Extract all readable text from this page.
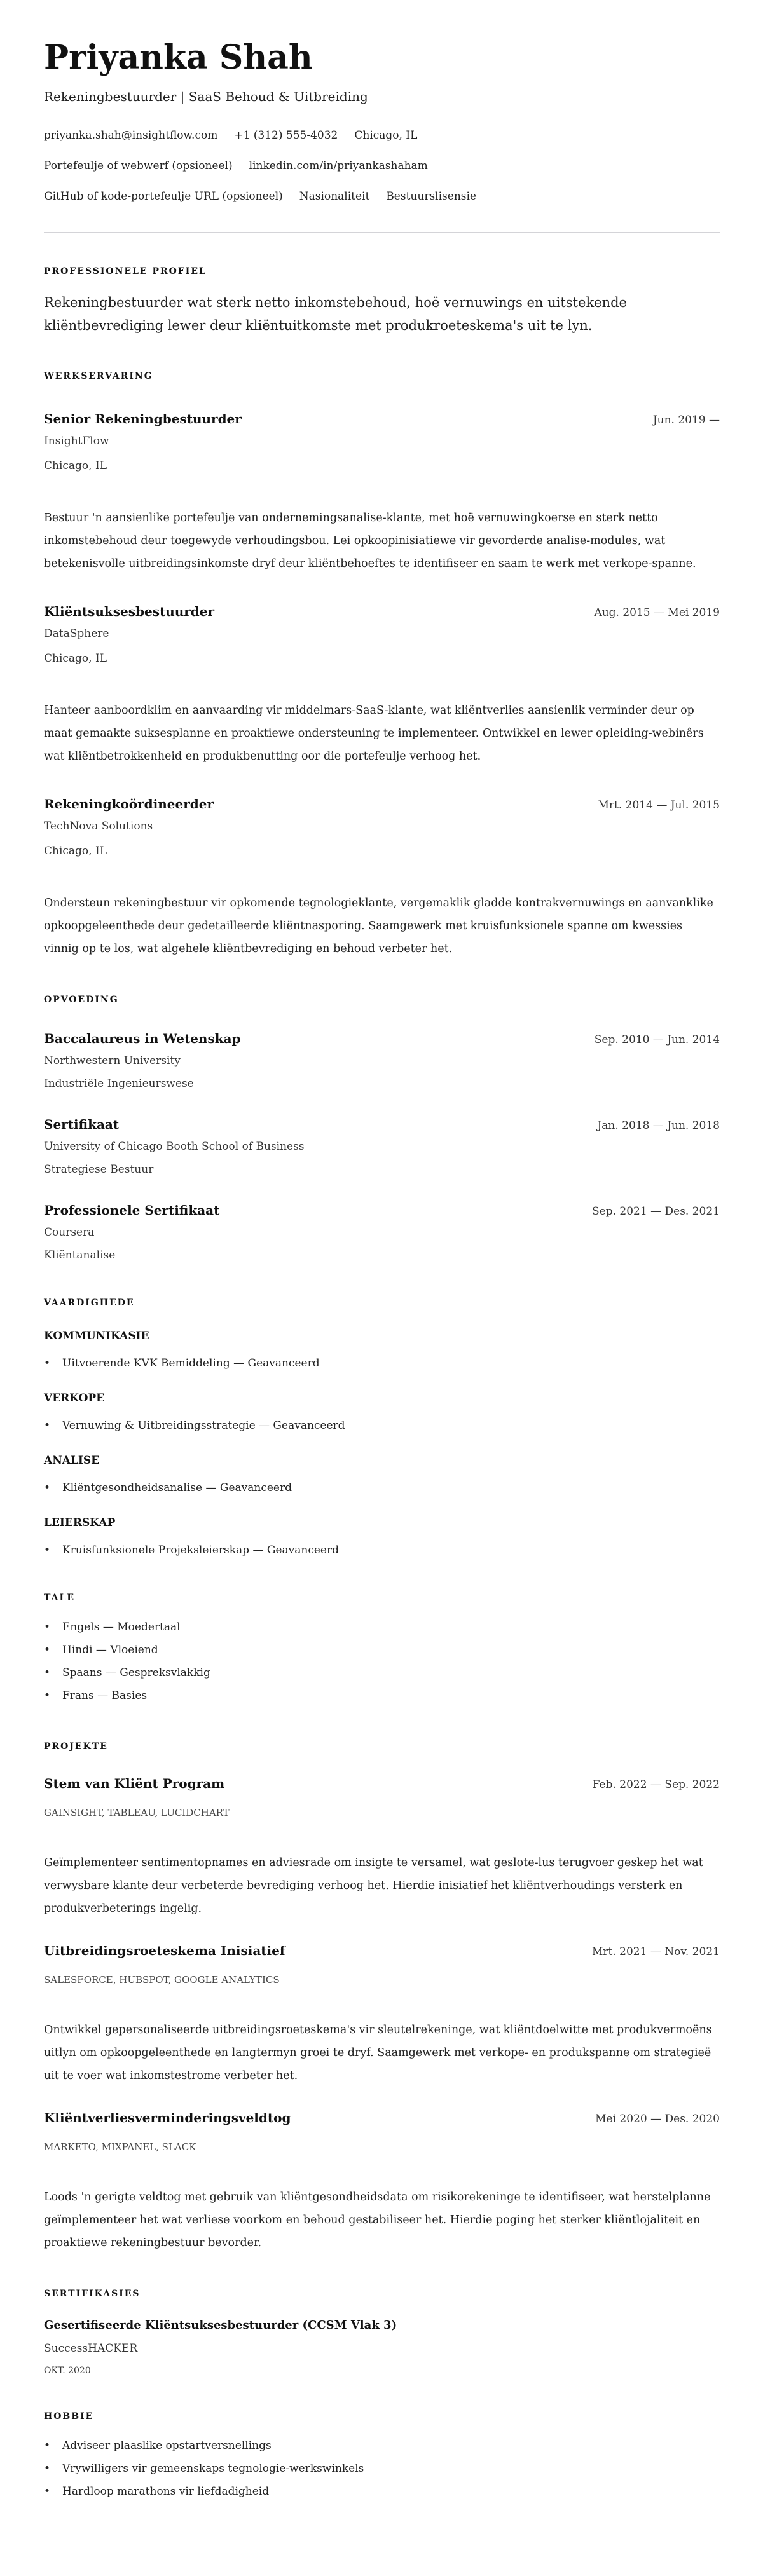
Priyanka Shah
Rekeningbestuurder | SaaS Behoud & Uitbreiding
priyanka.shah@insightflow.com +1 (312) 555-4032 Chicago, IL
Portefeulje of webwerf (opsioneel) linkedin.com/in/priyankashaham
GitHub of kode-portefeulje URL (opsioneel) Nasionaliteit Bestuurslisensie
PROFESSIONELE PROFIEL
Rekeningbestuurder wat sterk netto inkomstebehoud, hoë vernuwings en uitstekende kliëntbevrediging lewer deur kliëntuitkomste met produkroeteskema's uit te lyn.
WERKSERVARING
Senior Rekeningbestuurder	Jun. 2019 —
InsightFlow
Chicago, IL
Bestuur 'n aansienlike portefeulje van ondernemingsanalise-klante, met hoë vernuwingkoerse en sterk netto inkomstebehoud deur toegewyde verhoudingsbou. Lei opkoopinisiatiewe vir gevorderde analise-modules, wat betekenisvolle uitbreidingsinkomste dryf deur kliëntbehoeftes te identifiseer en saam te werk met verkope-spanne.
Kliëntsuksesbestuurder	Aug. 2015 — Mei 2019
DataSphere
Chicago, IL
Hanteer aanboordklim en aanvaarding vir middelmars-SaaS-klante, wat kliëntverlies aansienlik verminder deur op maat gemaakte suksesplanne en proaktiewe ondersteuning te implementeer. Ontwikkel en lewer opleiding-webinêrs wat kliëntbetrokkenheid en produkbenutting oor die portefeulje verhoog het.
Rekeningkoördineerder	Mrt. 2014 — Jul. 2015
TechNova Solutions
Chicago, IL
Ondersteun rekeningbestuur vir opkomende tegnologieklante, vergemaklik gladde kontrakvernuwings en aanvanklike opkoopgeleenthede deur gedetailleerde kliëntnasporing. Saamgewerk met kruisfunksionele spanne om kwessies vinnig op te los, wat algehele kliëntbevrediging en behoud verbeter het.
OPVOEDING
Baccalaureus in Wetenskap	Sep. 2010 — Jun. 2014
Northwestern University
Industriële Ingenieurswese
Sertifikaat	Jan. 2018 — Jun. 2018
University of Chicago Booth School of Business
Strategiese Bestuur
Professionele Sertifikaat	Sep. 2021 — Des. 2021
Coursera
Kliëntanalise
VAARDIGHEDE
KOMMUNIKASIE
• Uitvoerende KVK Bemiddeling — Geavanceerd
VERKOPE
• Vernuwing & Uitbreidingsstrategie — Geavanceerd
ANALISE
• Kliëntgesondheidsanalise — Geavanceerd
LEIERSKAP
• Kruisfunksionele Projeksleierskap — Geavanceerd
TALE
• Engels — Moedertaal
• Hindi — Vloeiend
• Spaans — Gespreksvlakkig
• Frans — Basies
PROJEKTE
Stem van Kliënt Program	Feb. 2022 — Sep. 2022
GAINSIGHT, TABLEAU, LUCIDCHART
Geïmplementeer sentimentopnames en adviesrade om insigte te versamel, wat geslote-lus terugvoer geskep het wat verwysbare klante deur verbeterde bevrediging verhoog het. Hierdie inisiatief het kliëntverhoudings versterk en produkverbeterings ingelig.
Uitbreidingsroeteskema Inisiatief	Mrt. 2021 — Nov. 2021
SALESFORCE, HUBSPOT, GOOGLE ANALYTICS
Ontwikkel gepersonaliseerde uitbreidingsroeteskema's vir sleutelrekeninge, wat kliëntdoelwitte met produkvermoëns uitlyn om opkoopgeleenthede en langtermyn groei te dryf. Saamgewerk met verkope- en produkspanne om strategieë uit te voer wat inkomstestrome verbeter het.
Kliëntverliesverminderingsveldtog	Mei 2020 — Des. 2020
MARKETO, MIXPANEL, SLACK
Loods 'n gerigte veldtog met gebruik van kliëntgesondheidsdata om risikorekeninge te identifiseer, wat herstelplanne geïmplementeer het wat verliese voorkom en behoud gestabiliseer het. Hierdie poging het sterker kliëntlojaliteit en proaktiewe rekeningbestuur bevorder.
SERTIFIKASIES
Gesertifiseerde Kliëntsuksesbestuurder (CCSM Vlak 3)
SuccessHACKER
OKT. 2020
HOBBIE
• Adviseer plaaslike opstartversnellings
• Vrywilligers vir gemeenskaps tegnologie-werkswinkels
• Hardloop marathons vir liefdadigheid
